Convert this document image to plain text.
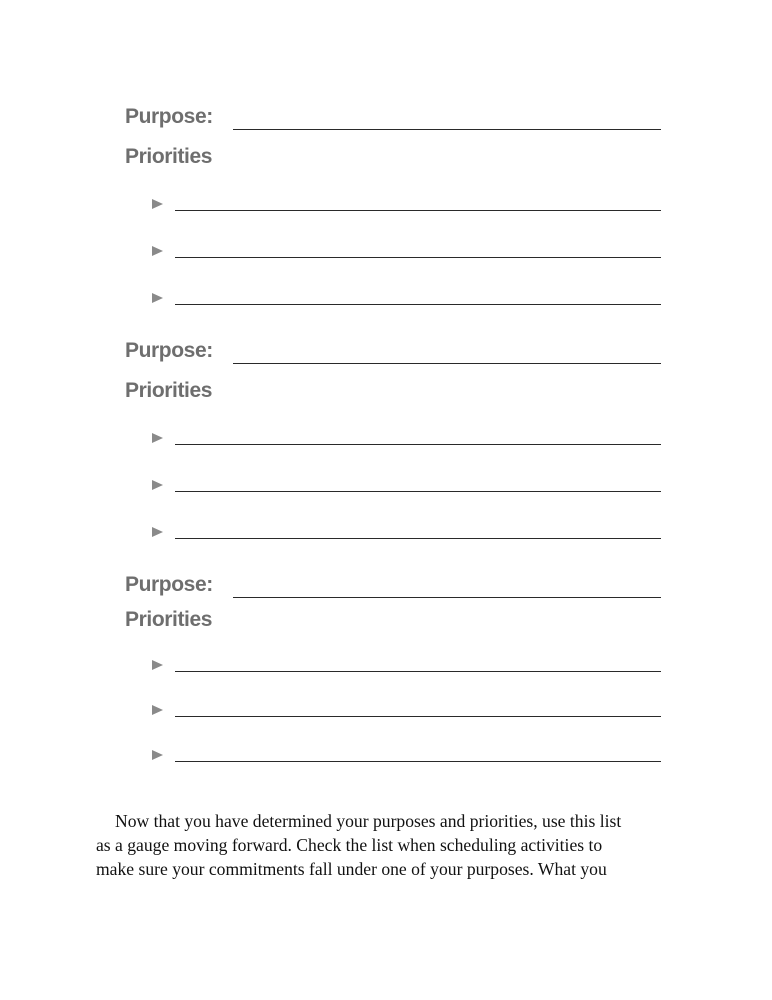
Purpose:
Priorities
Purpose:
Priorities
Purpose:
Priorities
Now that you have determined your purposes and priorities, use this list
as a gauge moving forward. Check the list when scheduling activities to
make sure your commitments fall under one of your purposes. What you
